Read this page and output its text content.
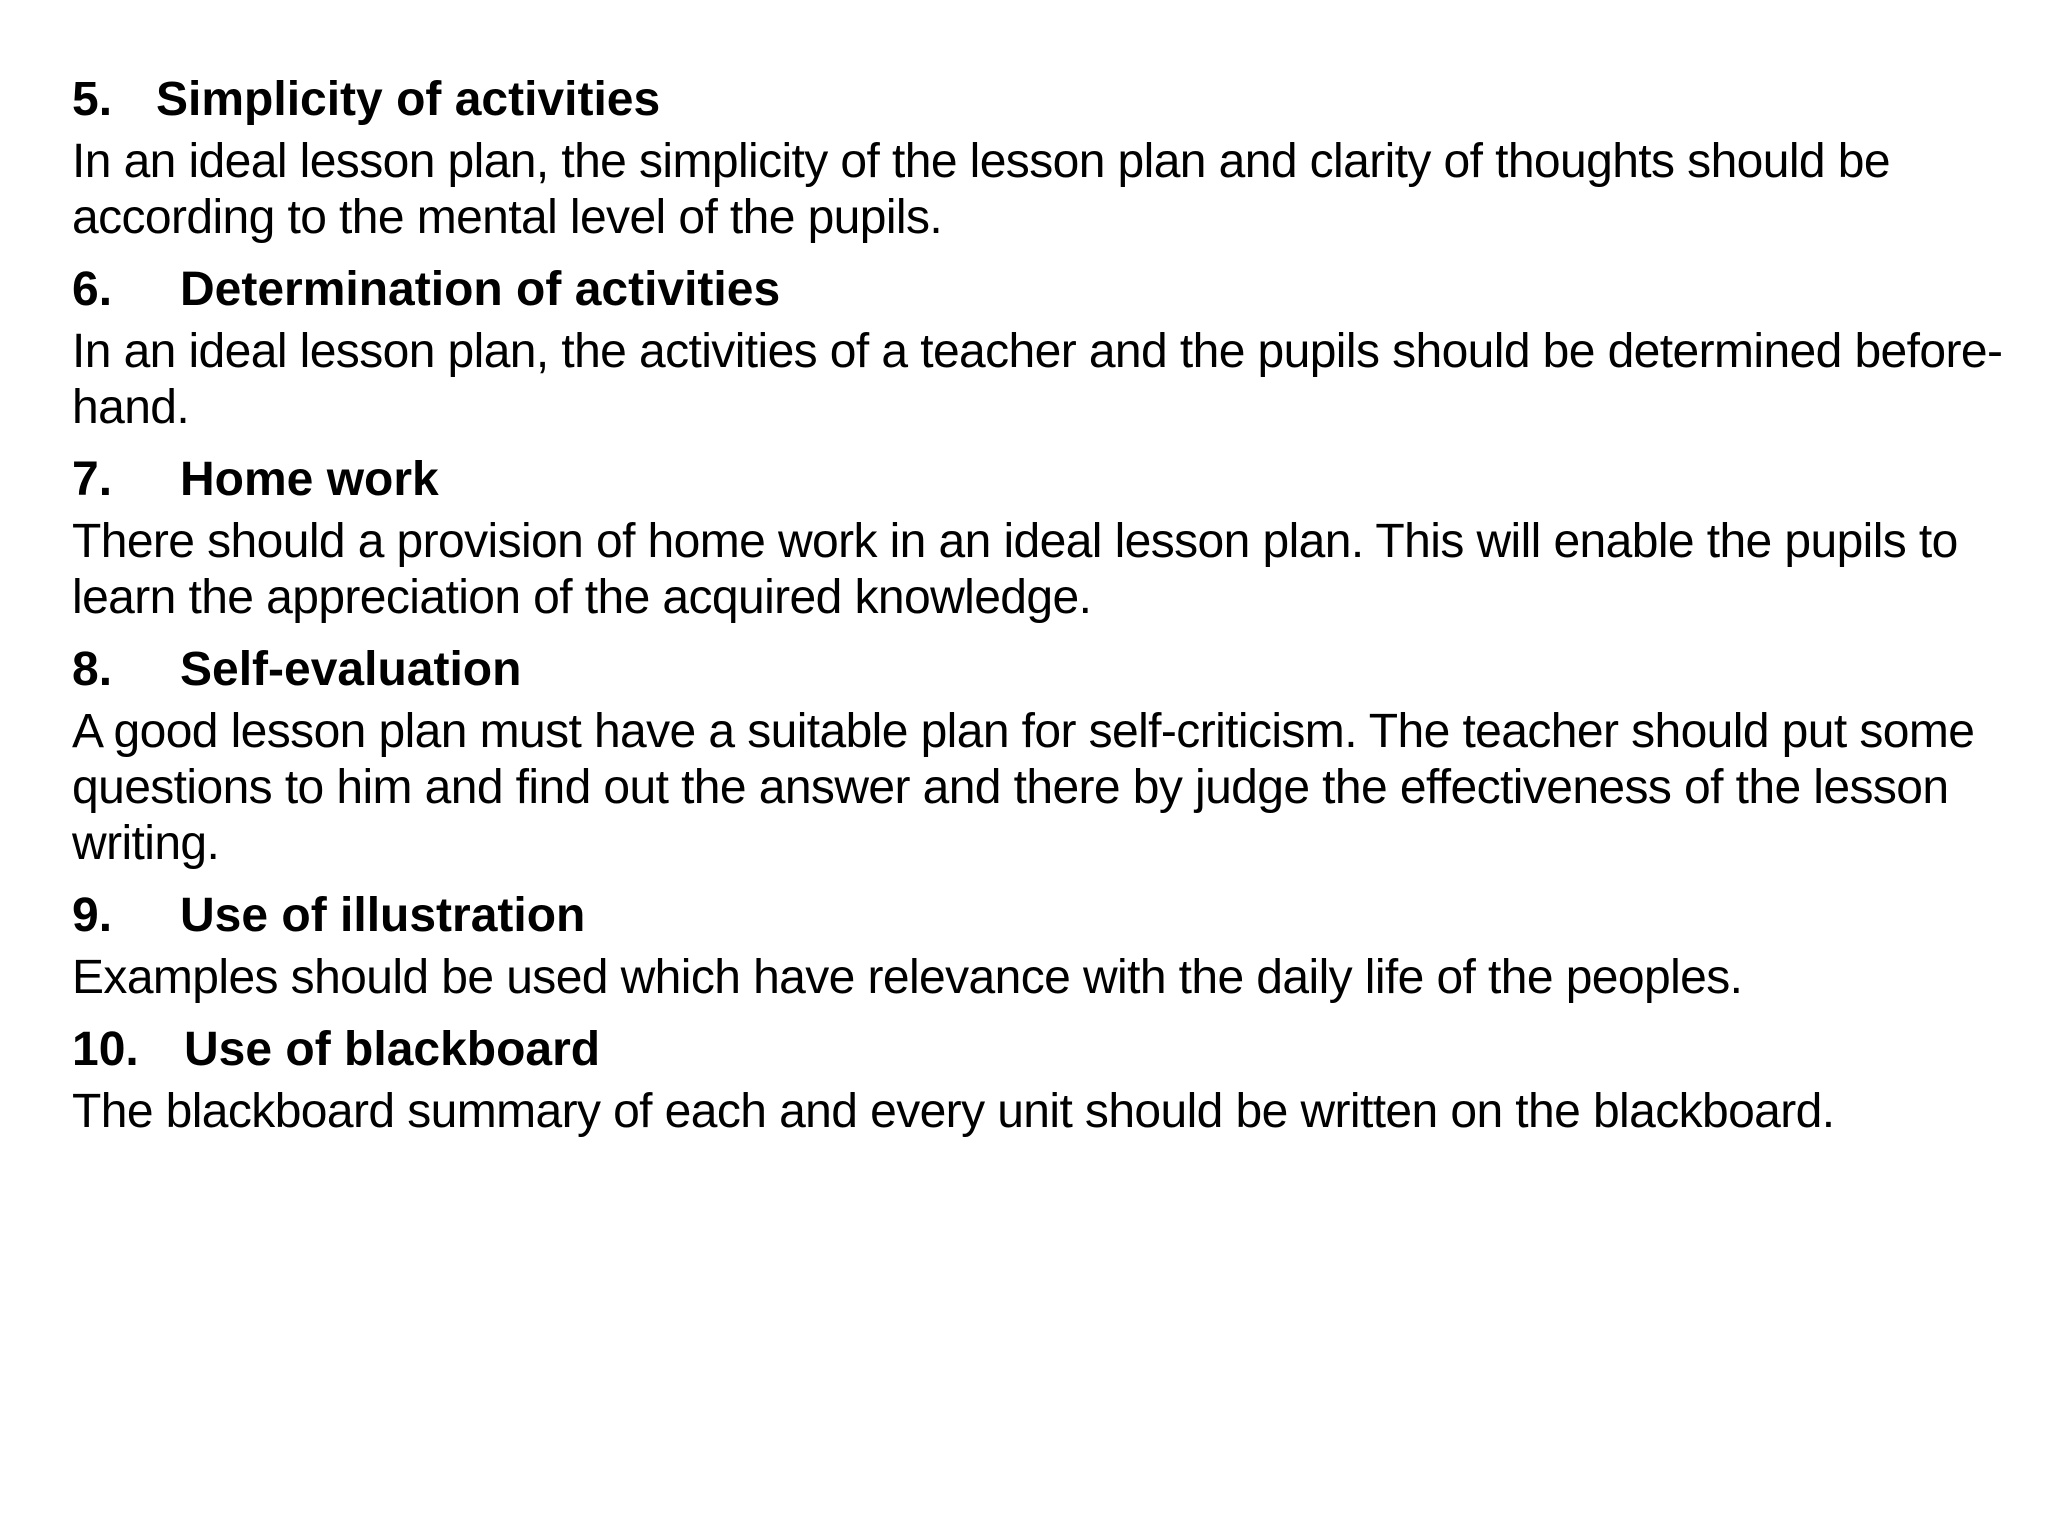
5. Simplicity of activities
In an ideal lesson plan, the simplicity of the lesson plan and clarity of thoughts should be according to the mental level of the pupils.
6. Determination of activities
In an ideal lesson plan, the activities of a teacher and the pupils should be determined before-hand.
7. Home work
There should a provision of home work in an ideal lesson plan. This will enable the pupils to learn the appreciation of the acquired knowledge.
8. Self-evaluation
A good lesson plan must have a suitable plan for self-criticism. The teacher should put some questions to him and find out the answer and there by judge the effectiveness of the lesson writing.
9. Use of illustration
Examples should be used which have relevance with the daily life of the peoples.
10. Use of blackboard
The blackboard summary of each and every unit should be written on the blackboard.
